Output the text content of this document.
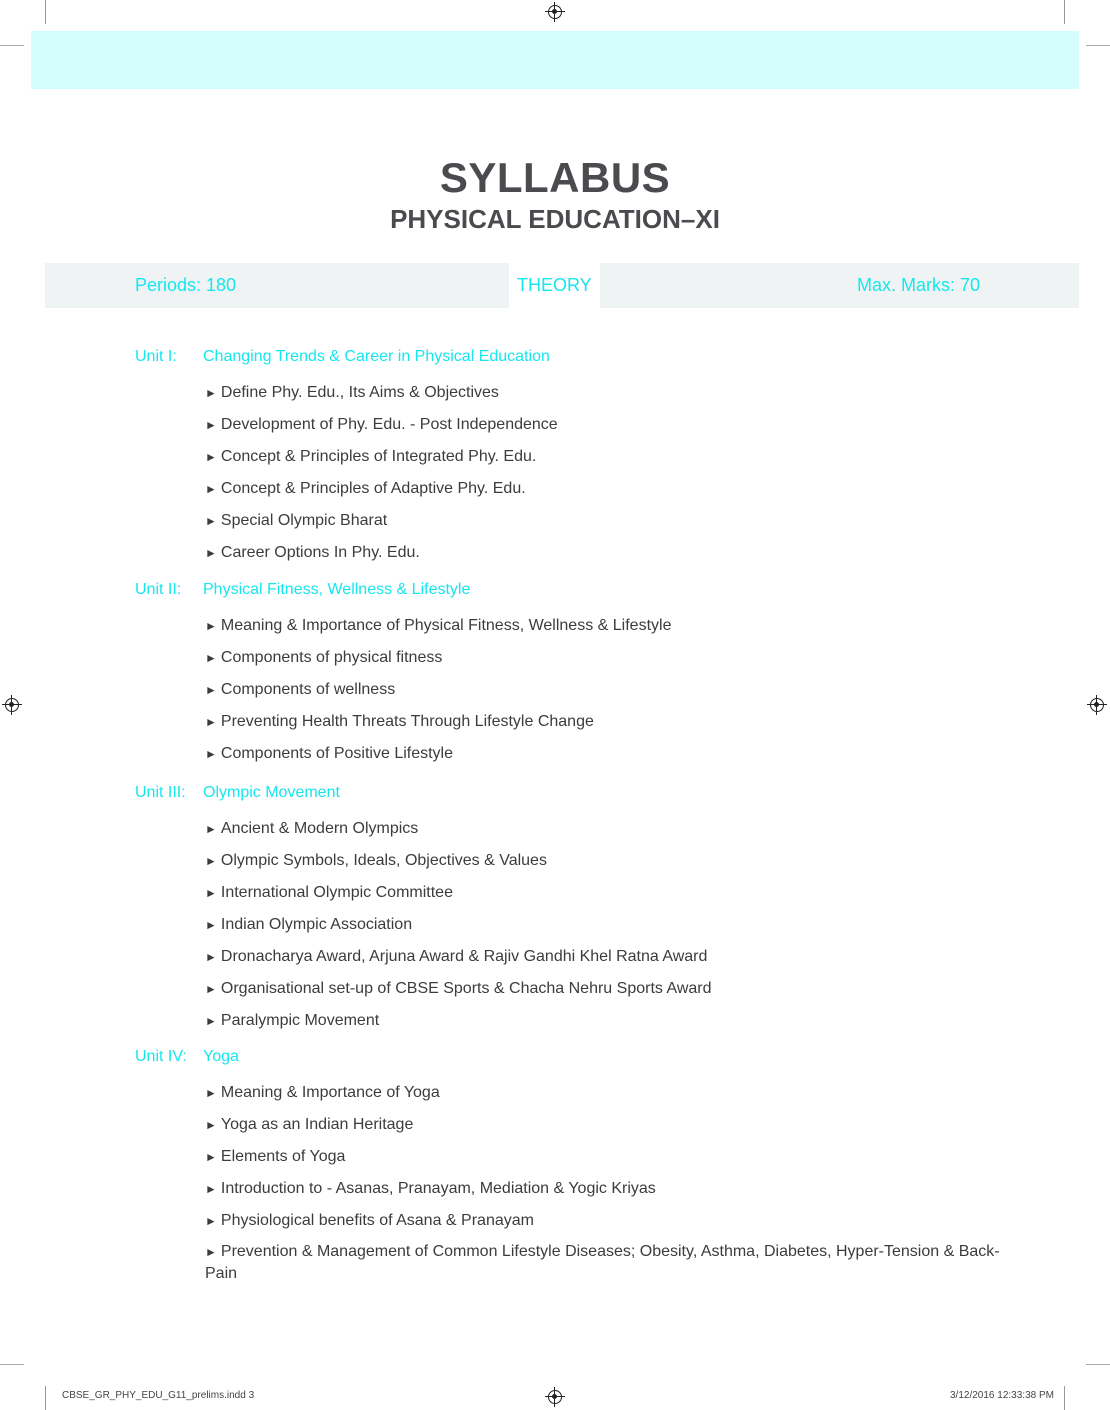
SYLLABUS
PHYSICAL EDUCATION–XI
Periods: 180	THEORY	Max. Marks: 70
Unit I: Changing Trends & Career in Physical Education
► Define Phy. Edu., Its Aims & Objectives
► Development of Phy. Edu. - Post Independence
► Concept & Principles of Integrated Phy. Edu.
► Concept & Principles of Adaptive Phy. Edu.
► Special Olympic Bharat
► Career Options In Phy. Edu.
Unit II: Physical Fitness, Wellness & Lifestyle
► Meaning & Importance of Physical Fitness, Wellness & Lifestyle
► Components of physical fitness
► Components of wellness
► Preventing Health Threats Through Lifestyle Change
► Components of Positive Lifestyle
Unit III: Olympic Movement
► Ancient & Modern Olympics
► Olympic Symbols, Ideals, Objectives & Values
► International Olympic Committee
► Indian Olympic Association
► Dronacharya Award, Arjuna Award & Rajiv Gandhi Khel Ratna Award
► Organisational set-up of CBSE Sports & Chacha Nehru Sports Award
► Paralympic Movement
Unit IV: Yoga
► Meaning & Importance of Yoga
► Yoga as an Indian Heritage
► Elements of Yoga
► Introduction to - Asanas, Pranayam, Mediation & Yogic Kriyas
► Physiological benefits of Asana & Pranayam
► Prevention & Management of Common Lifestyle Diseases; Obesity, Asthma, Diabetes, Hyper-Tension & Back-Pain
CBSE_GR_PHY_EDU_G11_prelims.indd 3	3/12/2016 12:33:38 PM
